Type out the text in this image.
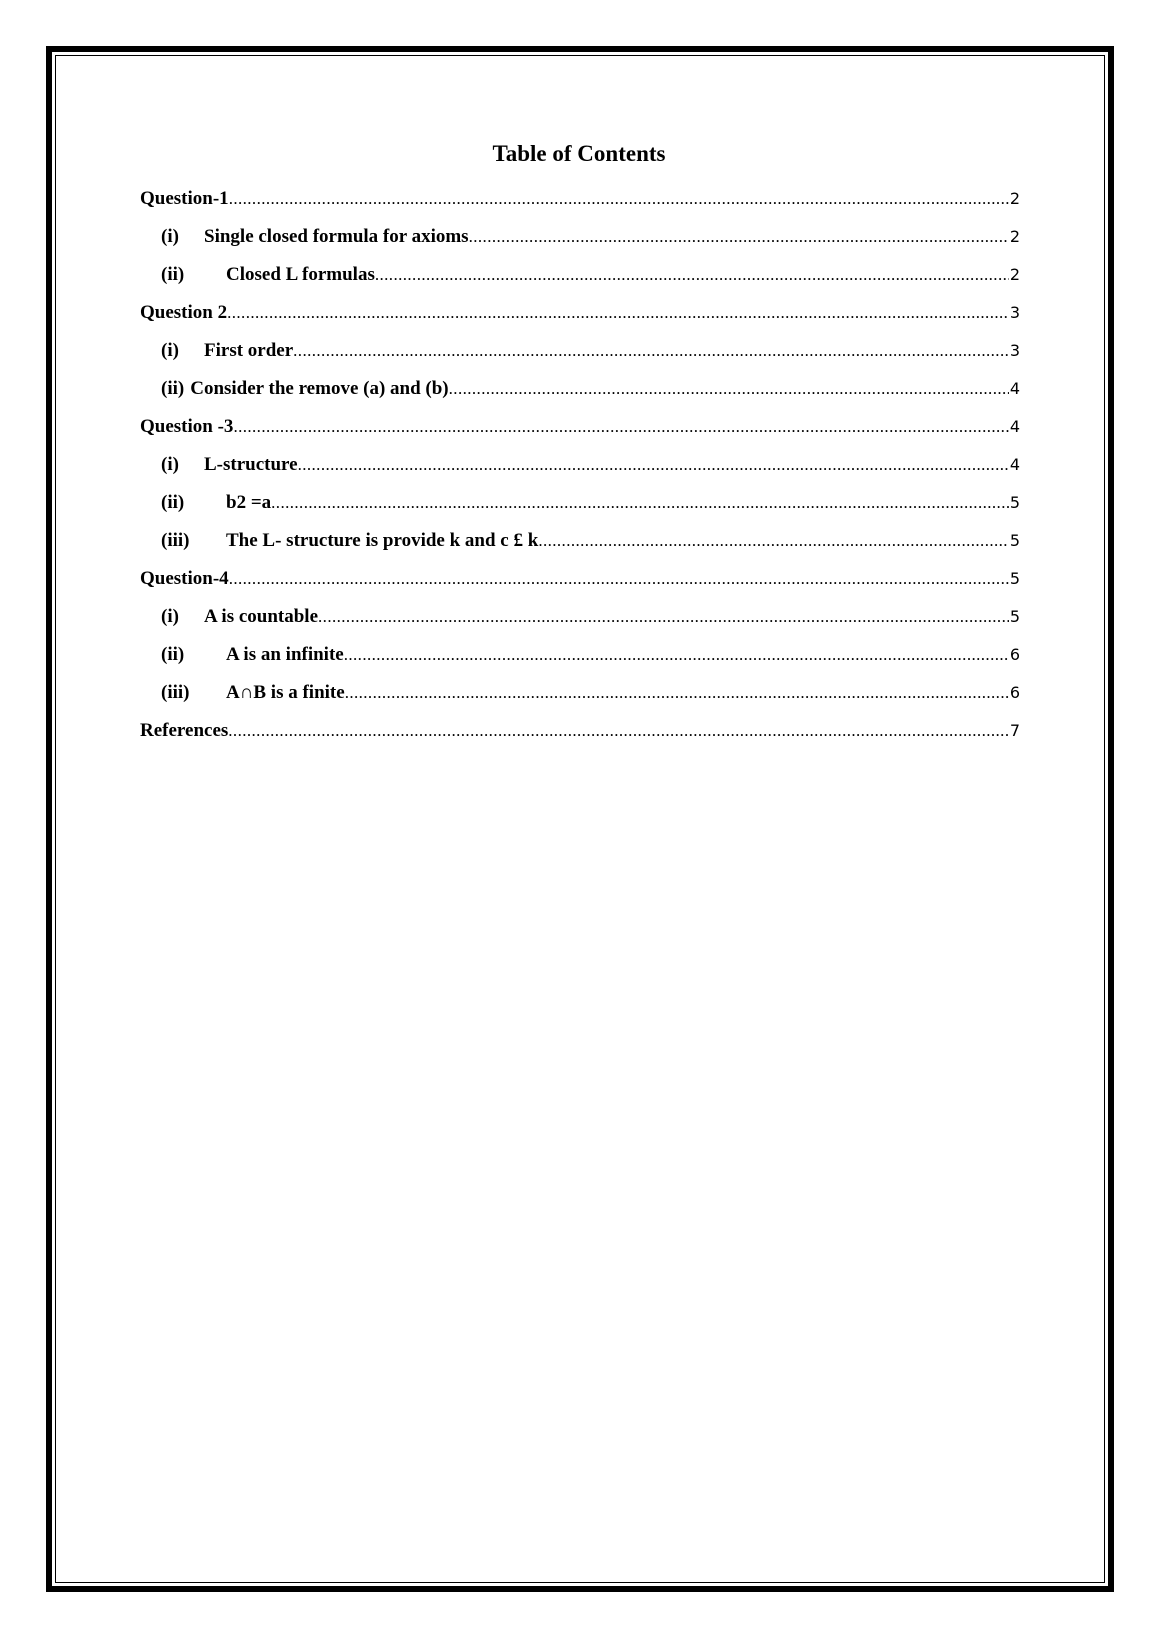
Table of Contents
Question-1 .....	2
(i)	Single closed formula for axioms .....	2
(ii)	Closed L formulas .....	2
Question 2 .....	3
(i)	First order .....	3
(ii) Consider the remove (a) and (b) .....	4
Question -3 .....	4
(i)	L-structure .....	4
(ii)	b2 =a .....	5
(iii)	The L- structure is provide k and c £ k .....	5
Question-4 .....	5
(i)	A is countable .....	5
(ii)	A is an infinite .....	6
(iii)	A∩B is a finite .....	6
References .....	7
